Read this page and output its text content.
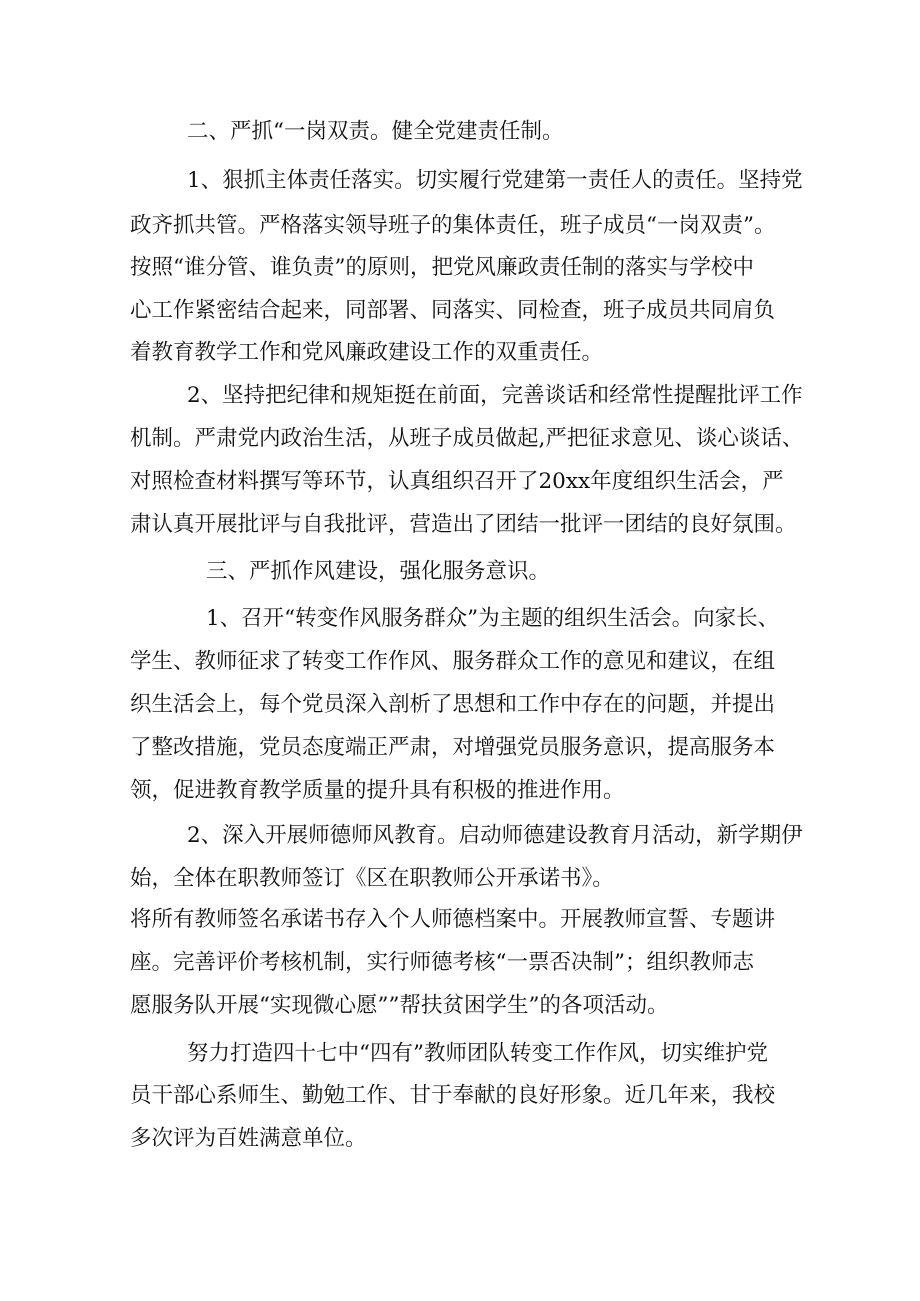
二、严抓“一岗双责。健全党建责任制。
1、狠抓主体责任落实。切实履行党建第一责任人的责任。坚持党
政齐抓共管。严格落实领导班子的集体责任，班子成员“一岗双责”。
按照“谁分管、谁负责”的原则，把党风廉政责任制的落实与学校中
心工作紧密结合起来，同部署、同落实、同检查，班子成员共同肩负
着教育教学工作和党风廉政建设工作的双重责任。
2、坚持把纪律和规矩挺在前面，完善谈话和经常性提醒批评工作
机制。严肃党内政治生活，从班子成员做起,严把征求意见、谈心谈话、
对照检查材料撰写等环节，认真组织召开了20xx年度组织生活会，严
肃认真开展批评与自我批评，营造出了团结一批评一团结的良好氛围。
三、严抓作风建设，强化服务意识。
1、召开“转变作风服务群众”为主题的组织生活会。向家长、
学生、教师征求了转变工作作风、服务群众工作的意见和建议，在组
织生活会上，每个党员深入剖析了思想和工作中存在的问题，并提出
了整改措施，党员态度端正严肃，对增强党员服务意识，提高服务本
领，促进教育教学质量的提升具有积极的推进作用。
2、深入开展师德师风教育。启动师德建设教育月活动，新学期伊
始，全体在职教师签订《区在职教师公开承诺书》。
将所有教师签名承诺书存入个人师德档案中。开展教师宣誓、专题讲
座。完善评价考核机制，实行师德考核“一票否决制”；组织教师志
愿服务队开展“实现微心愿””帮扶贫困学生”的各项活动。
努力打造四十七中“四有”教师团队转变工作作风，切实维护党
员干部心系师生、勤勉工作、甘于奉献的良好形象。近几年来，我校
多次评为百姓满意单位。
